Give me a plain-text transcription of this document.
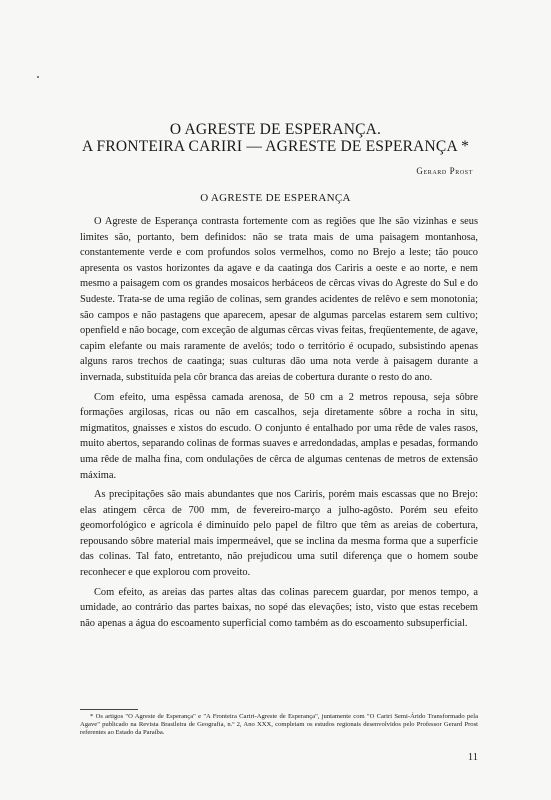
O AGRESTE DE ESPERANÇA.
A FRONTEIRA CARIRI — AGRESTE DE ESPERANÇA *
Gerard Prost
O AGRESTE DE ESPERANÇA

O Agreste de Esperança contrasta fortemente com as regiões que lhe são vizinhas e seus limites são, portanto, bem definidos: não se trata mais de uma paisagem montanhosa, constantemente verde e com profundos solos vermelhos, como no Brejo a leste; tão pouco apresenta os vastos horizontes da agave e da caatinga dos Cariris a oeste e ao norte, e nem mesmo a paisagem com os grandes mosaicos herbáceos de cêrcas vivas do Agreste do Sul e do Sudeste. Trata-se de uma região de colinas, sem grandes acidentes de relêvo e sem monotonia; são campos e não pastagens que aparecem, apesar de algumas parcelas estarem sem cultivo; openfield e não bocage, com exceção de algumas cêrcas vivas feitas, freqüentemente, de agave, capim elefante ou mais raramente de avelós; todo o território é ocupado, subsistindo apenas alguns raros trechos de caatinga; suas culturas dão uma nota verde à paisagem durante a invernada, substituída pela côr branca das areias de cobertura durante o resto do ano.

Com efeito, uma espêssa camada arenosa, de 50 cm a 2 metros repousa, seja sôbre formações argilosas, ricas ou não em cascalhos, seja diretamente sôbre a rocha in situ, migmatitos, gnaisses e xistos do escudo. O conjunto é entalhado por uma rêde de vales rasos, muito abertos, separando colinas de formas suaves e arredondadas, amplas e pesadas, formando uma rêde de malha fina, com ondulações de cêrca de algumas centenas de metros de extensão máxima.

As precipitações são mais abundantes que nos Cariris, porém mais escassas que no Brejo: elas atingem cêrca de 700 mm, de fevereiro-março a julho-agôsto. Porém seu efeito geomorfológico e agrícola é diminuído pelo papel de filtro que têm as areias de cobertura, repousando sôbre material mais impermeável, que se inclina da mesma forma que a superfície das colinas. Tal fato, entretanto, não prejudicou uma sutil diferença que o homem soube reconhecer e que explorou com proveito.

Com efeito, as areias das partes altas das colinas parecem guardar, por menos tempo, a umidade, ao contrário das partes baixas, no sopé das elevações; isto, visto que estas recebem não apenas a água do escoamento superficial como também as do escoamento subsuperficial.

* Os artigos "O Agreste de Esperança" e "A Fronteira Cariri-Agreste de Esperança", juntamente com "O Cariri Semi-Árido Transformado pela Agave" publicado na Revista Brasileira de Geografia, n.º 2, Ano XXX, compleiam os estudos regionais desenvolvidos pelo Professor Gerard Prost referentes ao Estado da Paraíba.
11
